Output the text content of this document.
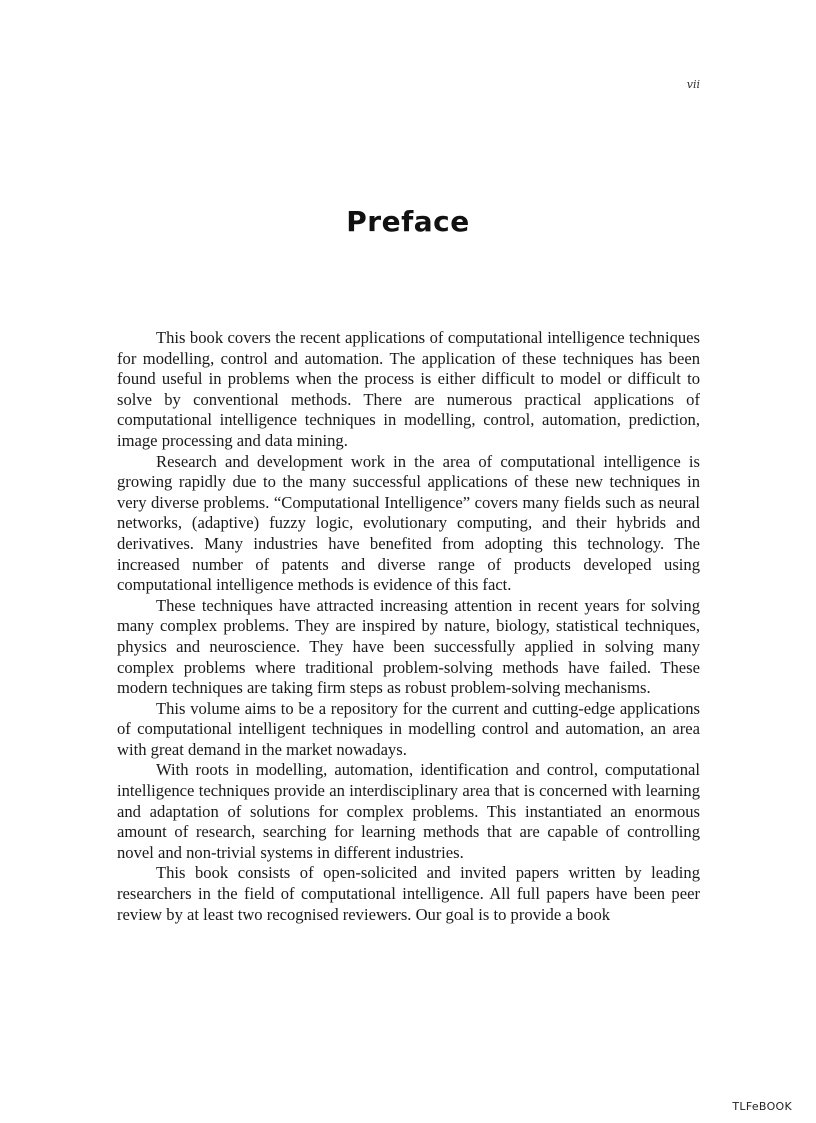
vii
Preface

This book covers the recent applications of computational intelligence techniques for modelling, control and automation. The application of these techniques has been found useful in problems when the process is either difficult to model or difficult to solve by conventional methods. There are numerous practical applications of computational intelligence techniques in modelling, control, automation, prediction, image processing and data mining.

Research and development work in the area of computational intelligence is growing rapidly due to the many successful applications of these new techniques in very diverse problems. “Computational Intelligence” covers many fields such as neural networks, (adaptive) fuzzy logic, evolutionary computing, and their hybrids and derivatives. Many industries have benefited from adopting this technology. The increased number of patents and diverse range of products developed using computational intelligence methods is evidence of this fact.

These techniques have attracted increasing attention in recent years for solving many complex problems. They are inspired by nature, biology, statistical techniques, physics and neuroscience. They have been successfully applied in solving many complex problems where traditional problem-solving methods have failed. These modern techniques are taking firm steps as robust problem-solving mechanisms.

This volume aims to be a repository for the current and cutting-edge applications of computational intelligent techniques in modelling control and automation, an area with great demand in the market nowadays.

With roots in modelling, automation, identification and control, computational intelligence techniques provide an interdisciplinary area that is concerned with learning and adaptation of solutions for complex problems. This instantiated an enormous amount of research, searching for learning methods that are capable of controlling novel and non-trivial systems in different industries.

This book consists of open-solicited and invited papers written by leading researchers in the field of computational intelligence. All full papers have been peer review by at least two recognised reviewers. Our goal is to provide a book

TLFeBOOK
